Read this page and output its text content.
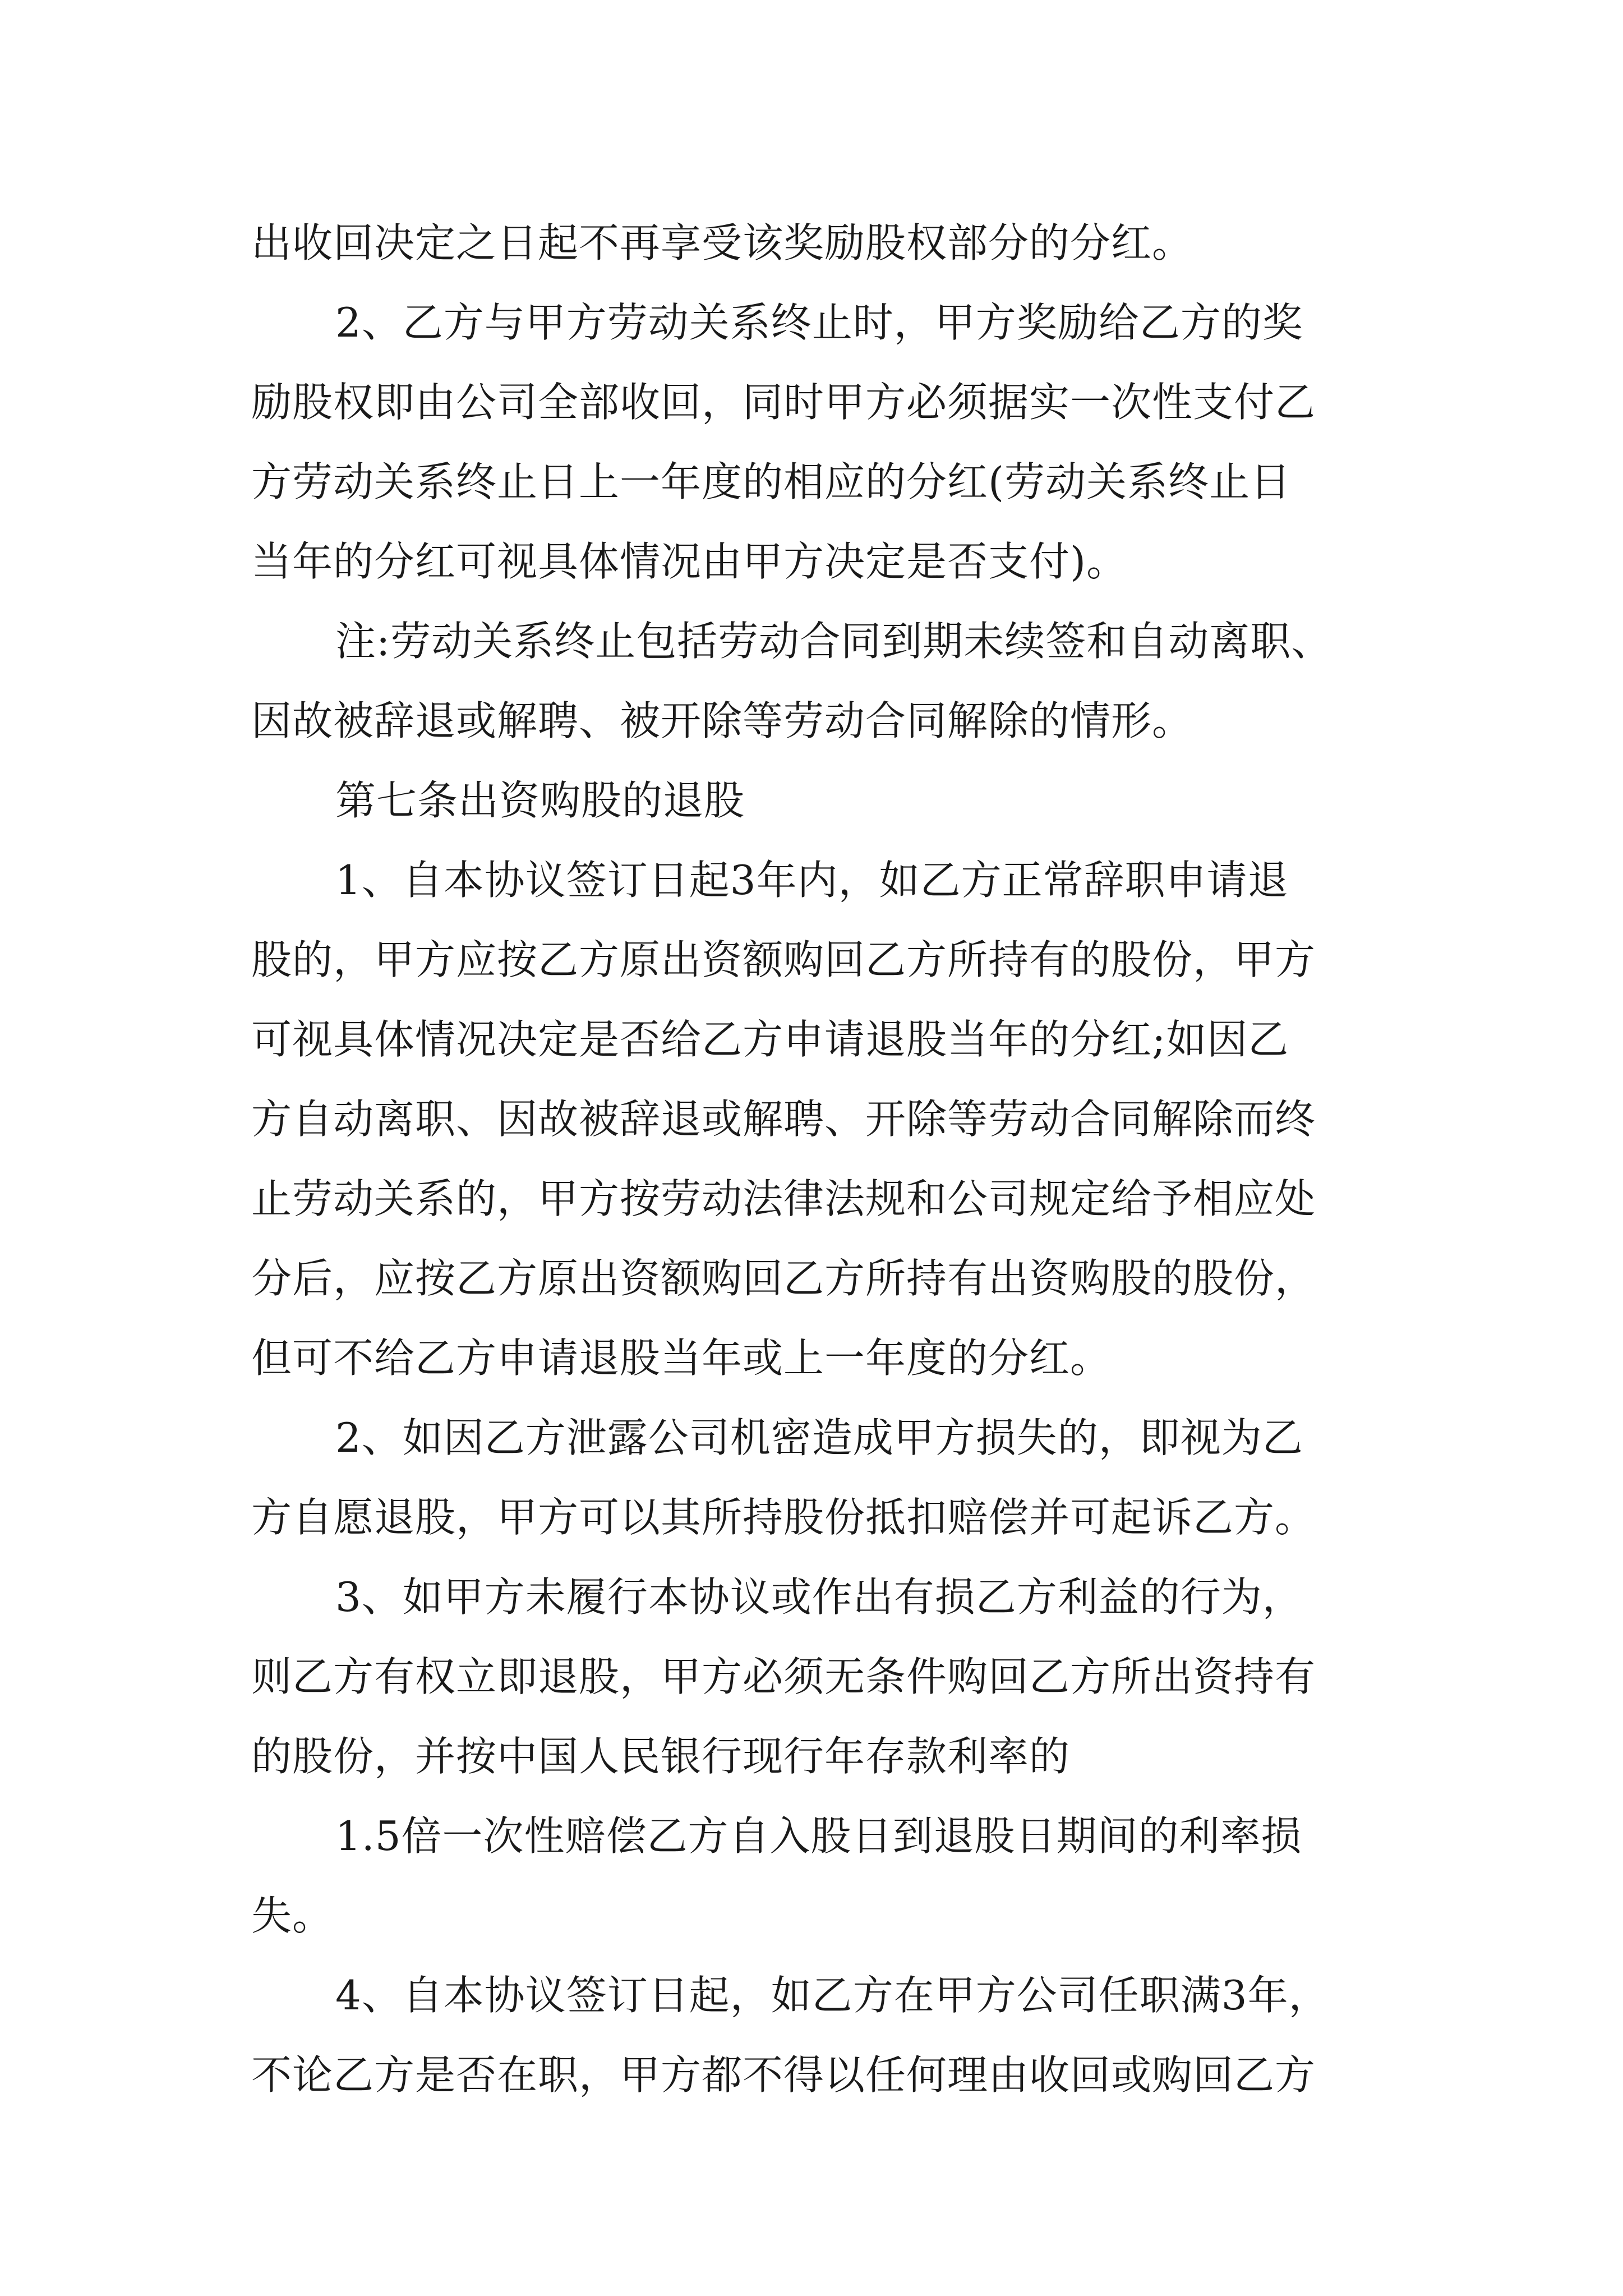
出收回决定之日起不再享受该奖励股权部分的分红。
2、乙方与甲方劳动关系终止时，甲方奖励给乙方的奖
励股权即由公司全部收回，同时甲方必须据实一次性支付乙
方劳动关系终止日上一年度的相应的分红(劳动关系终止日
当年的分红可视具体情况由甲方决定是否支付)。
注:劳动关系终止包括劳动合同到期未续签和自动离职、
因故被辞退或解聘、被开除等劳动合同解除的情形。
第七条出资购股的退股
1、自本协议签订日起3年内，如乙方正常辞职申请退
股的，甲方应按乙方原出资额购回乙方所持有的股份，甲方
可视具体情况决定是否给乙方申请退股当年的分红;如因乙
方自动离职、因故被辞退或解聘、开除等劳动合同解除而终
止劳动关系的，甲方按劳动法律法规和公司规定给予相应处
分后，应按乙方原出资额购回乙方所持有出资购股的股份，
但可不给乙方申请退股当年或上一年度的分红。
2、如因乙方泄露公司机密造成甲方损失的，即视为乙
方自愿退股，甲方可以其所持股份抵扣赔偿并可起诉乙方。
3、如甲方未履行本协议或作出有损乙方利益的行为，
则乙方有权立即退股，甲方必须无条件购回乙方所出资持有
的股份，并按中国人民银行现行年存款利率的
1.5倍一次性赔偿乙方自入股日到退股日期间的利率损
失。
4、自本协议签订日起，如乙方在甲方公司任职满3年，
不论乙方是否在职，甲方都不得以任何理由收回或购回乙方
